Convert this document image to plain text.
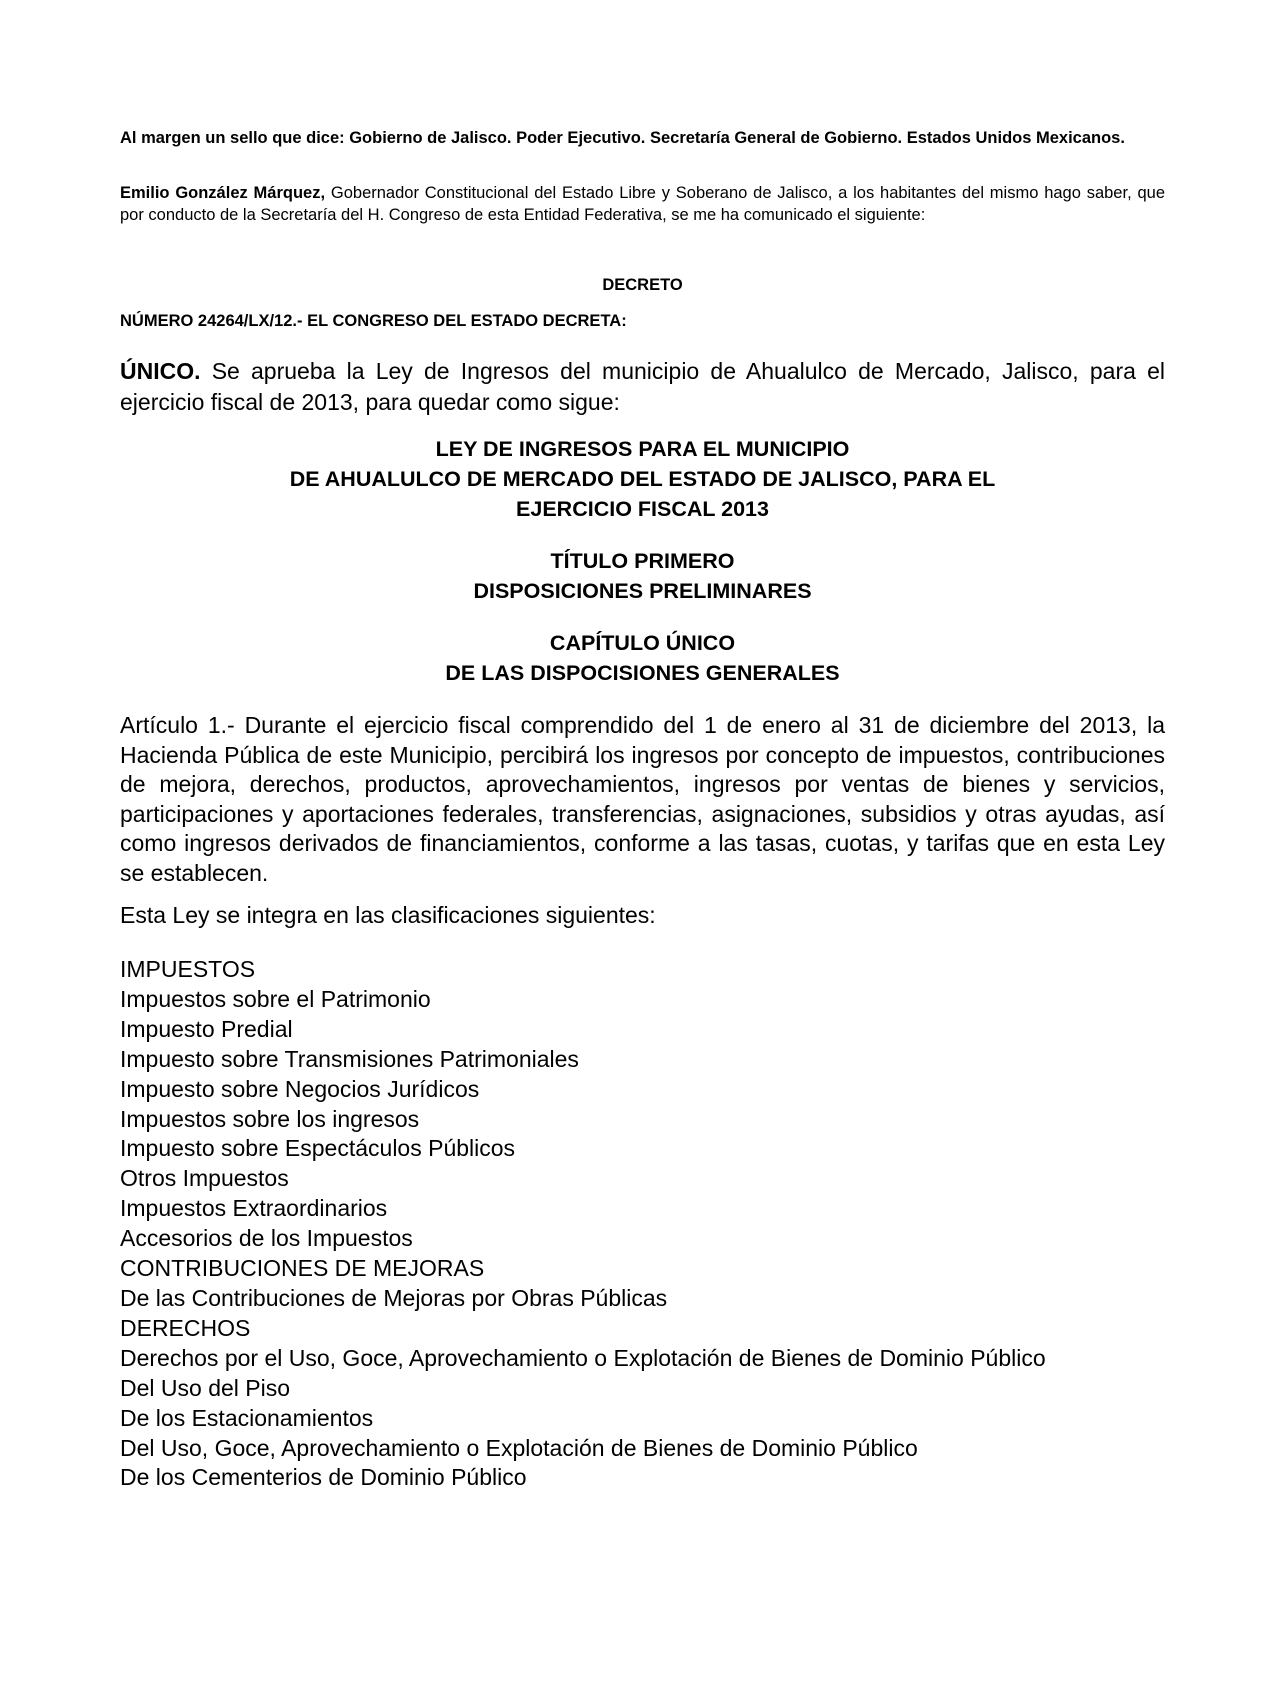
Al margen un sello que dice: Gobierno de Jalisco. Poder Ejecutivo. Secretaría General de Gobierno. Estados Unidos Mexicanos.

Emilio González Márquez, Gobernador Constitucional del Estado Libre y Soberano de Jalisco, a los habitantes del mismo hago saber, que por conducto de la Secretaría del H. Congreso de esta Entidad Federativa, se me ha comunicado el siguiente:

DECRETO

NÚMERO 24264/LX/12.- EL CONGRESO DEL ESTADO DECRETA:

ÚNICO. Se aprueba la Ley de Ingresos del municipio de Ahualulco de Mercado, Jalisco, para el ejercicio fiscal de 2013, para quedar como sigue:

LEY DE INGRESOS PARA EL MUNICIPIO
DE AHUALULCO DE MERCADO DEL ESTADO DE JALISCO, PARA EL
EJERCICIO FISCAL 2013
TÍTULO PRIMERO
DISPOSICIONES PRELIMINARES
CAPÍTULO ÚNICO
DE LAS DISPOCISIONES GENERALES

Artículo 1.- Durante el ejercicio fiscal comprendido del 1 de enero al 31 de diciembre del 2013, la Hacienda Pública de este Municipio, percibirá los ingresos por concepto de impuestos, contribuciones de mejora, derechos, productos, aprovechamientos, ingresos por ventas de bienes y servicios, participaciones y aportaciones federales, transferencias, asignaciones, subsidios y otras ayudas, así como ingresos derivados de financiamientos, conforme a las tasas, cuotas, y tarifas que en esta Ley se establecen.

Esta Ley se integra en las clasificaciones siguientes:

IMPUESTOS
Impuestos sobre el Patrimonio
Impuesto Predial
Impuesto sobre Transmisiones Patrimoniales
Impuesto sobre Negocios Jurídicos
Impuestos sobre los ingresos
Impuesto sobre Espectáculos Públicos
Otros Impuestos
Impuestos Extraordinarios
Accesorios de los Impuestos
CONTRIBUCIONES DE MEJORAS
De las Contribuciones de Mejoras por Obras Públicas
DERECHOS
Derechos por el Uso, Goce, Aprovechamiento o Explotación de Bienes de Dominio Público
Del Uso del Piso
De los Estacionamientos
Del Uso, Goce, Aprovechamiento o Explotación de Bienes de Dominio Público
De los Cementerios de Dominio Público
